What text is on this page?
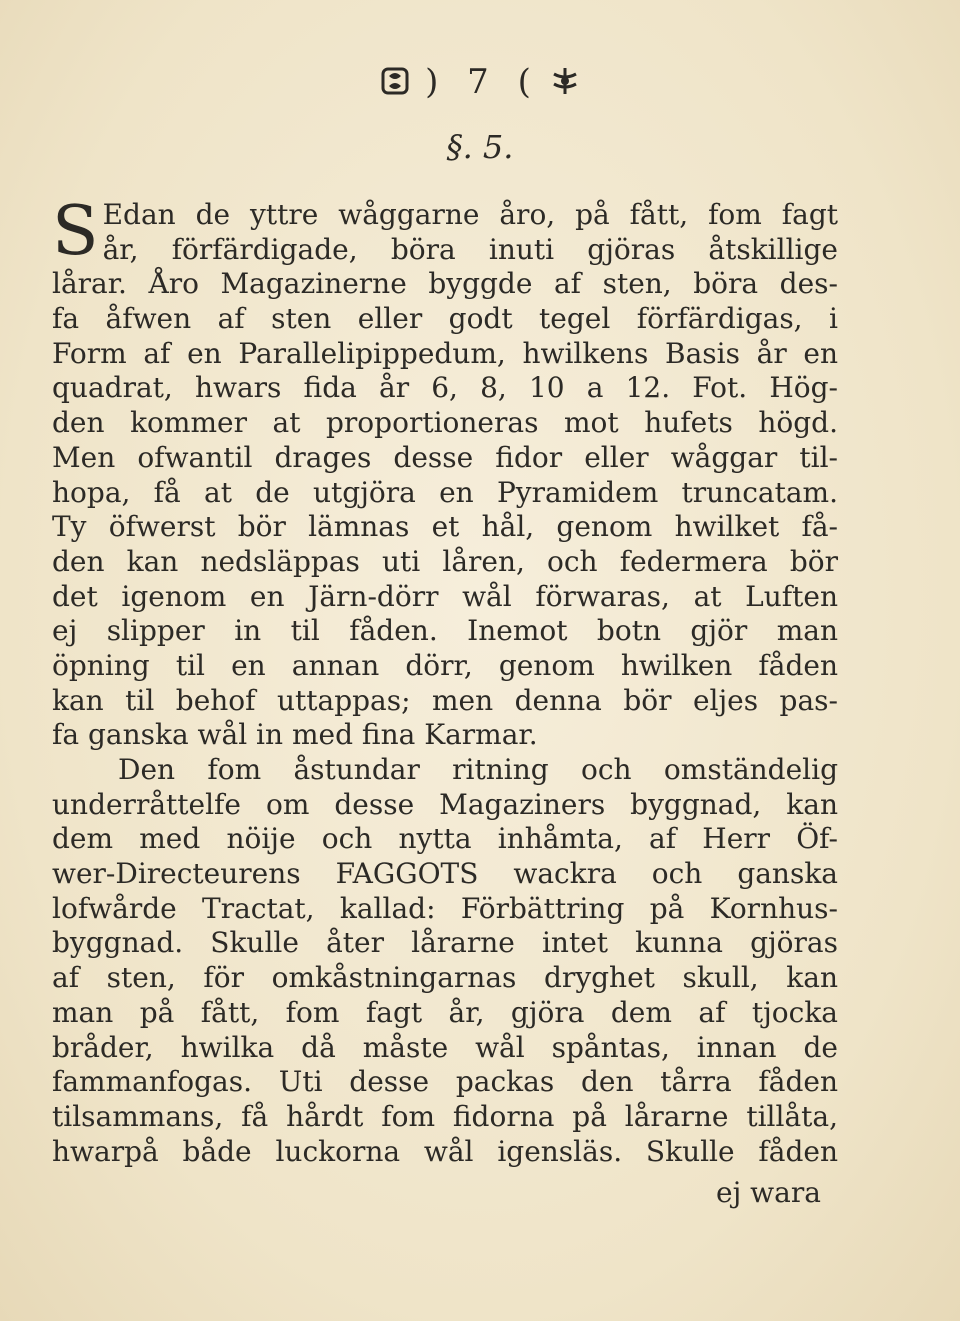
) 7 (
§. 5.
S Edan de yttre wåggarne åro, på fått, fom fagt
år, förfärdigade, böra inuti gjöras åtskillige
lårar. Åro Magazinerne byggde af sten, böra des-
fa åfwen af sten eller godt tegel förfärdigas, i
Form af en Parallelipippedum, hwilkens Basis år en
quadrat, hwars fida år 6, 8, 10 a 12. Fot. Hög-
den kommer at proportioneras mot hufets högd.
Men ofwantil drages desse fidor eller wåggar til-
hopa, få at de utgjöra en Pyramidem truncatam.
Ty öfwerst bör lämnas et hål, genom hwilket få-
den kan nedsläppas uti låren, och federmera bör
det igenom en Järn-dörr wål förwaras, at Luften
ej slipper in til fåden. Inemot botn gjör man
öpning til en annan dörr, genom hwilken fåden
kan til behof uttappas; men denna bör eljes pas-
fa ganska wål in med fina Karmar.
Den fom åstundar ritning och omständelig
underråttelfe om desse Magaziners byggnad, kan
dem med nöije och nytta inhåmta, af Herr Öf-
wer-Directeurens FAGGOTS wackra och ganska
lofwårde Tractat, kallad: Förbättring på Kornhus-
byggnad. Skulle åter lårarne intet kunna gjöras
af sten, för omkåstningarnas dryghet skull, kan
man på fått, fom fagt år, gjöra dem af tjocka
bråder, hwilka då måste wål spåntas, innan de
fammanfogas. Uti desse packas den tårra fåden
tilsammans, få hårdt fom fidorna på lårarne tillåta,
hwarpå både luckorna wål igensläs. Skulle fåden
ej wara
